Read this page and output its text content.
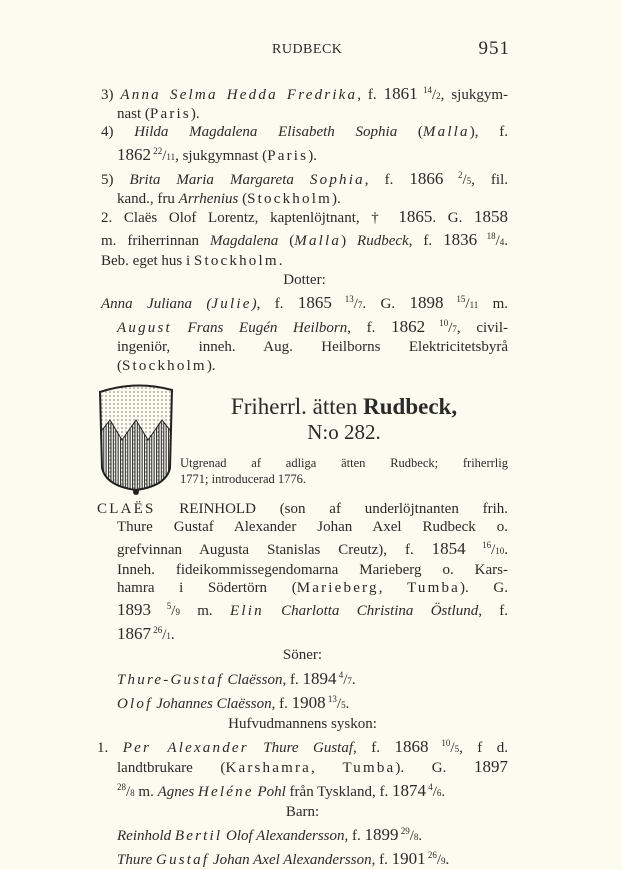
RUDBECK	951
3) Anna Selma Hedda Fredrika, f. 1861 $^{14}$/2, sjukgym-
nast (Paris).
4) Hilda Magdalena Elisabeth Sophia (Malla), f.
1862 $^{22}$/11, sjukgymnast (Paris).
5) Brita Maria Margareta Sophia, f. 1866 $^2$/5, fil.
kand., fru Arrhenius (Stockholm).
2. Claës Olof Lorentz, kaptenlöjtnant, † 1865. G. 1858
m. friherrinnan Magdalena (Malla) Rudbeck, f. 1836 $^{18}$/4.
Beb. eget hus i Stockholm.
Dotter:
Anna Juliana (Julie), f. 1865 $^{13}$/7. G. 1898 $^{15}$/11 m.
August Frans Eugén Heilborn, f. 1862 $^{10}$/7, civil-
ingeniör, inneh. Aug. Heilborns Elektricitetsbyrå
(Stockholm).
Friherrl. ätten Rudbeck,
N:o 282.
Utgrenad af adliga ätten Rudbeck; friherrlig
1771; introducerad 1776.
CLAËS REINHOLD (son af underlöjtnanten frih.
Thure Gustaf Alexander Johan Axel Rudbeck o.
grefvinnan Augusta Stanislas Creutz), f. 1854 $^{16}$/10.
Inneh. fideikommissegendomarna Marieberg o. Kars-
hamra i Södertörn (Marieberg, Tumba). G.
1893 $^5$/9 m. Elin Charlotta Christina Östlund, f.
1867 $^{26}$/1.
Söner:
Thure-Gustaf Claësson, f. 1894 $^4$/7.
Olof Johannes Claësson, f. 1908 $^{13}$/5.
Hufvudmannens syskon:
1. Per Alexander Thure Gustaf, f. 1868 $^{10}$/5, f d.
landtbrukare (Karshamra, Tumba). G. 1897
$^{28}$/8 m. Agnes Heléne Pohl från Tyskland, f. 1874 $^4$/6.
Barn:
Reinhold Bertil Olof Alexandersson, f. 1899 $^{29}$/8.
Thure Gustaf Johan Axel Alexandersson, f. 1901 $^{26}$/9.
